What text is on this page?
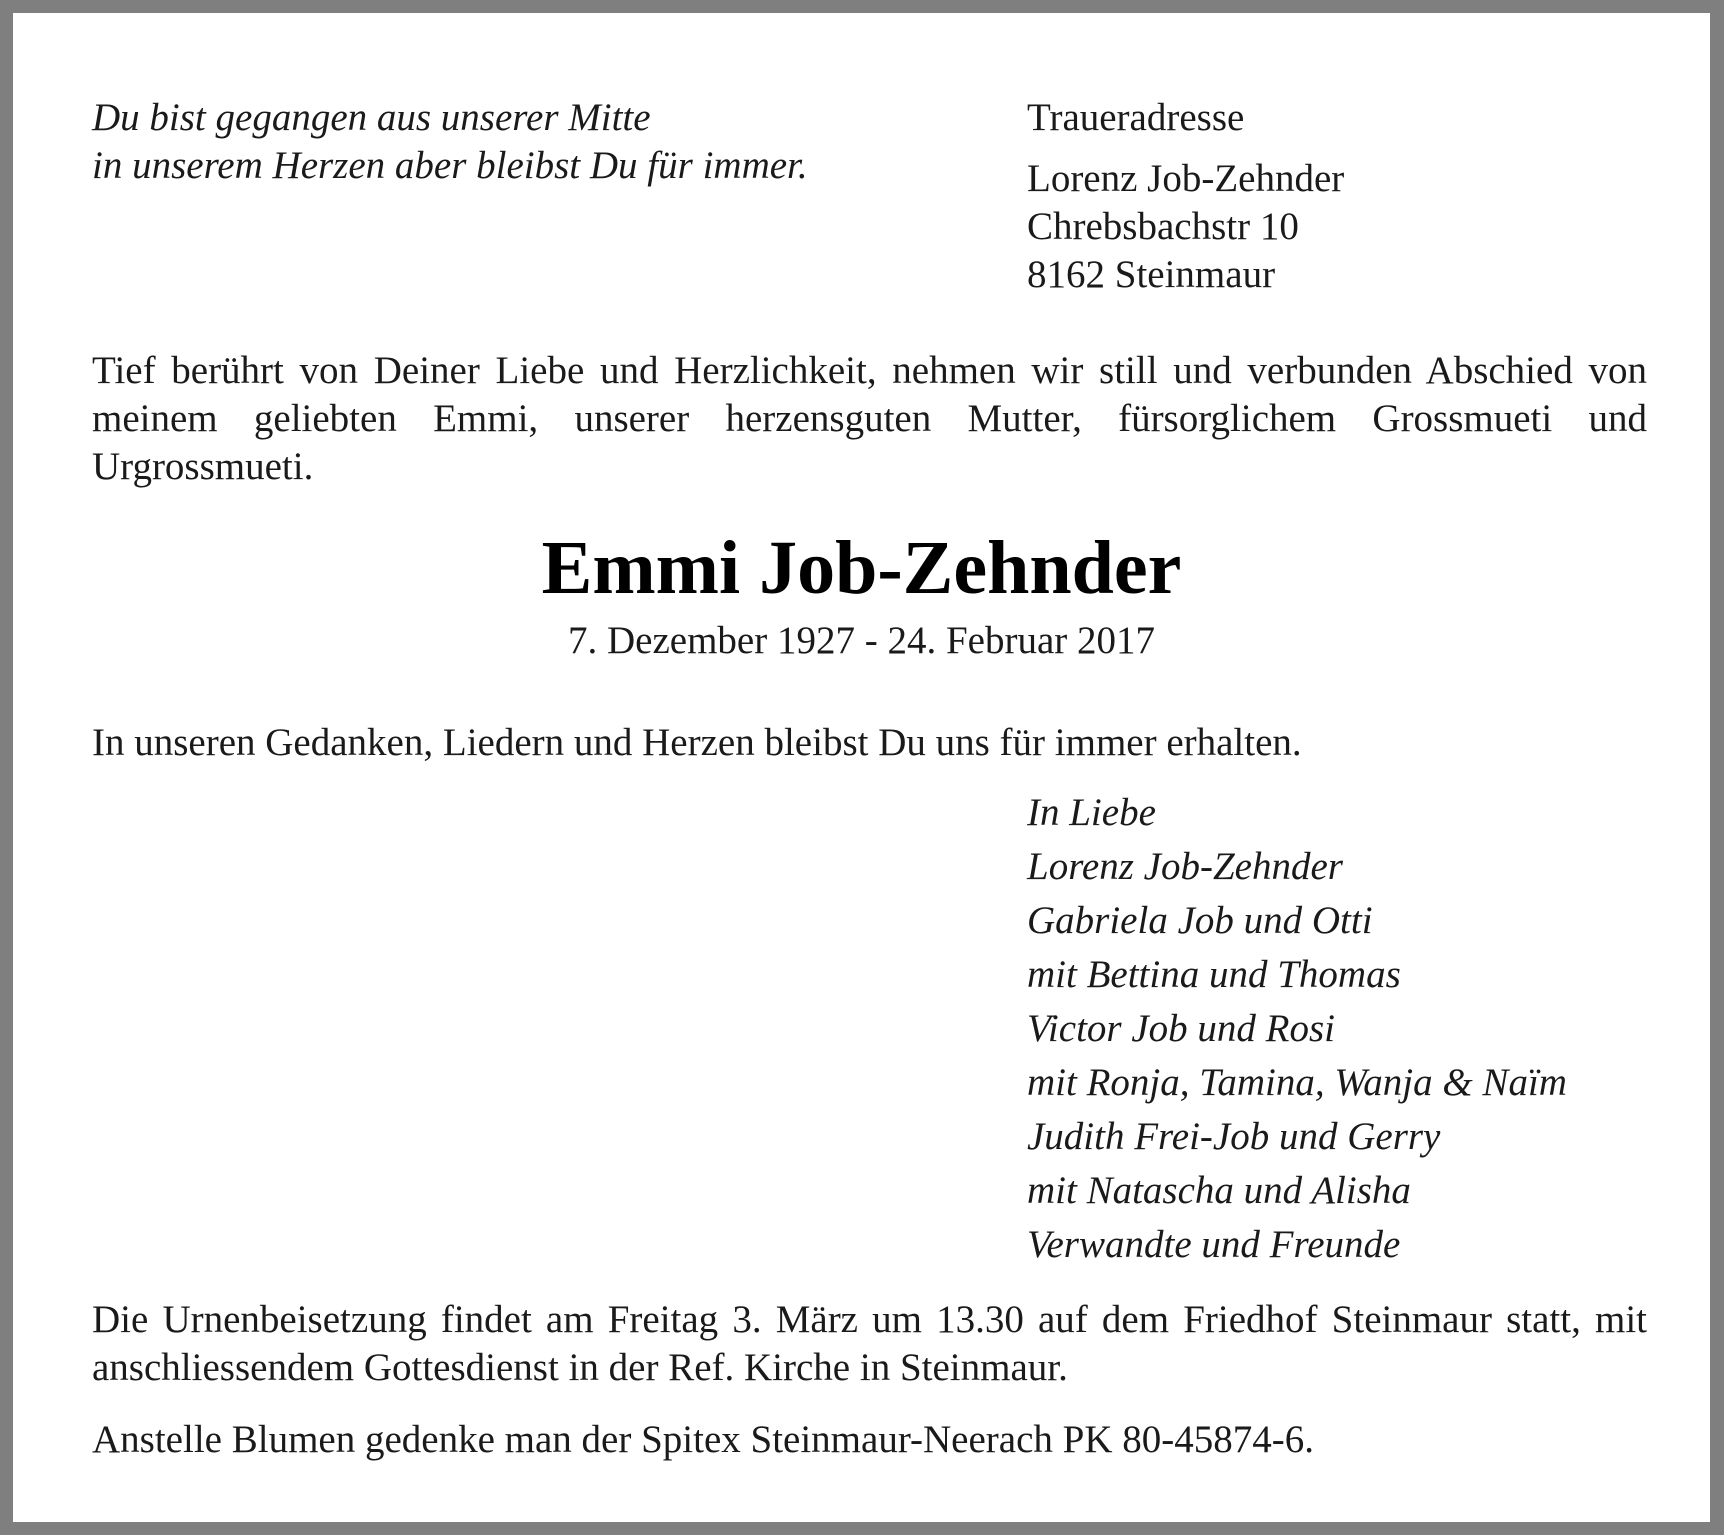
Du bist gegangen aus unserer Mitte
in unserem Herzen aber bleibst Du für immer.
Traueradresse
Lorenz Job-Zehnder
Chrebsbachstr 10
8162 Steinmaur

Tief berührt von Deiner Liebe und Herzlichkeit, nehmen wir still und verbunden Abschied von meinem geliebten Emmi, unserer herzensguten Mutter, fürsorglichem Grossmueti und Urgrossmueti.

Emmi Job-Zehnder
7. Dezember 1927 - 24. Februar 2017
In unseren Gedanken, Liedern und Herzen bleibst Du uns für immer erhalten.
In Liebe
Lorenz Job-Zehnder
Gabriela Job und Otti
mit Bettina und Thomas
Victor Job und Rosi
mit Ronja, Tamina, Wanja & Naïm
Judith Frei-Job und Gerry
mit Natascha und Alisha
Verwandte und Freunde

Die Urnenbeisetzung findet am Freitag 3. März um 13.30 auf dem Friedhof Steinmaur statt, mit anschliessendem Gottesdienst in der Ref. Kirche in Steinmaur.

Anstelle Blumen gedenke man der Spitex Steinmaur-Neerach PK 80-45874-6.
